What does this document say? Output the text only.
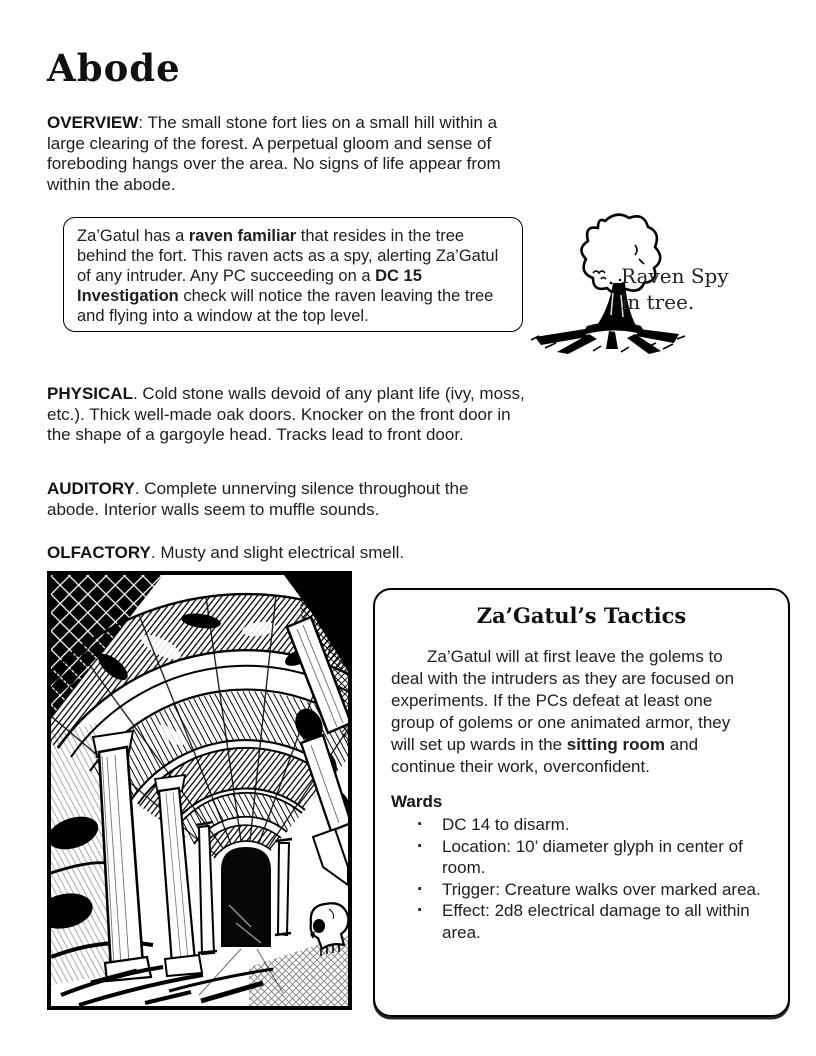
Abode

OVERVIEW: The small stone fort lies on a small hill within a large clearing of the forest. A perpetual gloom and sense of foreboding hangs over the area. No signs of life appear from within the abode.

Za’Gatul has a raven familiar that resides in the tree behind the fort. This raven acts as a spy, alerting Za’Gatul of any intruder. Any PC succeeding on a DC 15 Investigation check will notice the raven leaving the tree and flying into a window at the top level.
Raven Spy in tree.

PHYSICAL. Cold stone walls devoid of any plant life (ivy, moss, etc.). Thick well-made oak doors. Knocker on the front door in the shape of a gargoyle head. Tracks lead to front door.

AUDITORY. Complete unnerving silence throughout the abode. Interior walls seem to muffle sounds.

OLFACTORY. Musty and slight electrical smell.

Za’Gatul’s Tactics

Za’Gatul will at first leave the golems to deal with the intruders as they are focused on experiments. If the PCs defeat at least one group of golems or one animated armor, they will set up wards in the sitting room and continue their work, overconfident.

Wards
· DC 14 to disarm.
· Location: 10’ diameter glyph in center of room.
· Trigger: Creature walks over marked area.
· Effect: 2d8 electrical damage to all within area.
